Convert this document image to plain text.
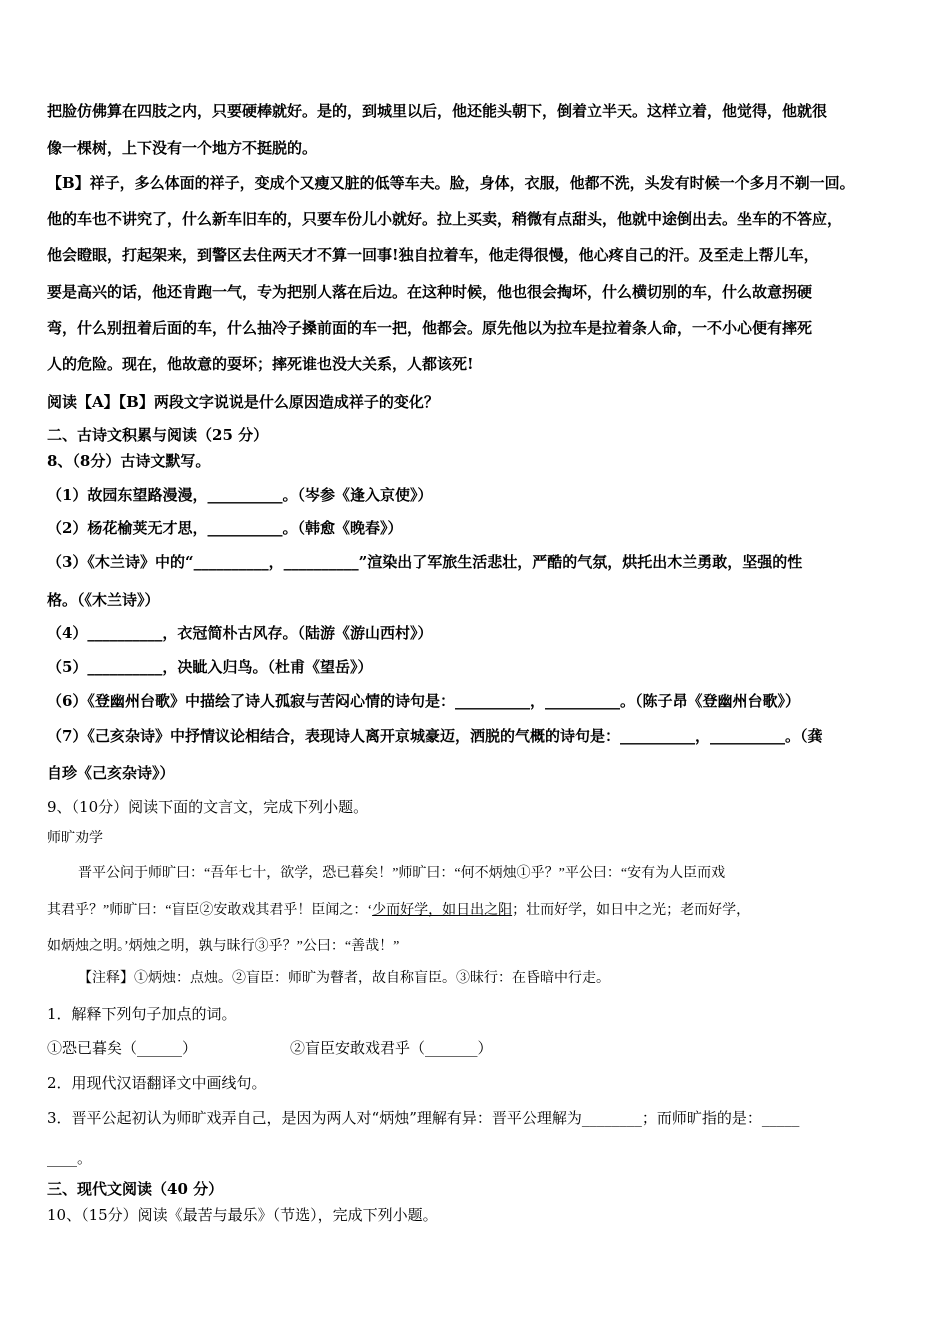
把脸仿佛算在四肢之内，只要硬棒就好。是的，到城里以后，他还能头朝下，倒着立半天。这样立着，他觉得，他就很
像一棵树，上下没有一个地方不挺脱的。
【B】祥子，多么体面的祥子，变成个又瘦又脏的低等车夫。脸，身体，衣服，他都不洗，头发有时候一个多月不剃一回。
他的车也不讲究了，什么新车旧车的，只要车份儿小就好。拉上买卖，稍微有点甜头，他就中途倒出去。坐车的不答应，
他会瞪眼，打起架来，到警区去住两天才不算一回事!独自拉着车，他走得很慢，他心疼自己的汗。及至走上帮儿车，
要是高兴的话，他还肯跑一气，专为把别人落在后边。在这种时候，他也很会掏坏，什么横切别的车，什么故意拐硬
弯，什么别扭着后面的车，什么抽冷子搡前面的车一把，他都会。原先他以为拉车是拉着条人命，一不小心便有摔死
人的危险。现在，他故意的耍坏；摔死谁也没大关系，人都该死!
阅读【A】【B】两段文字说说是什么原因造成祥子的变化？
二、古诗文积累与阅读（25 分）
8、（8分）古诗文默写。
（1）故园东望路漫漫，__________。（岑参《逢入京使》）
（2）杨花榆荚无才思，__________。（韩愈《晚春》）
（3）《木兰诗》中的“__________，__________”渲染出了军旅生活悲壮，严酷的气氛，烘托出木兰勇敢，坚强的性
格。（《木兰诗》）
（4）__________，衣冠简朴古风存。（陆游《游山西村》）
（5）__________，决眦入归鸟。（杜甫《望岳》）
（6）《登幽州台歌》中描绘了诗人孤寂与苦闷心情的诗句是：__________，__________。（陈子昂《登幽州台歌》）
（7）《己亥杂诗》中抒情议论相结合，表现诗人离开京城豪迈，洒脱的气概的诗句是：__________，__________。（龚
自珍《己亥杂诗》）
9、（10分）阅读下面的文言文，完成下列小题。
师旷劝学
晋平公问于师旷曰：“吾年七十，欲学，恐已暮矣！”师旷曰：“何不炳烛①乎？”平公曰：“安有为人臣而戏
其君乎？”师旷曰：“盲臣②安敢戏其君乎！臣闻之：‘少而好学，如日出之阳；壮而好学，如日中之光；老而好学，
如炳烛之明。’炳烛之明，孰与昧行③乎？”公曰：“善哉！”
【注释】①炳烛：点烛。②盲臣：师旷为瞽者，故自称盲臣。③昧行：在昏暗中行走。
1．解释下列句子加点的词。
①恐已暮矣（______）	②盲臣安敢戏君乎（_______）
2．用现代汉语翻译文中画线句。
3．晋平公起初认为师旷戏弄自己，是因为两人对“炳烛”理解有异：晋平公理解为________；而师旷指的是：_____
____。
三、现代文阅读（40 分）
10、（15分）阅读《最苦与最乐》（节选），完成下列小题。
